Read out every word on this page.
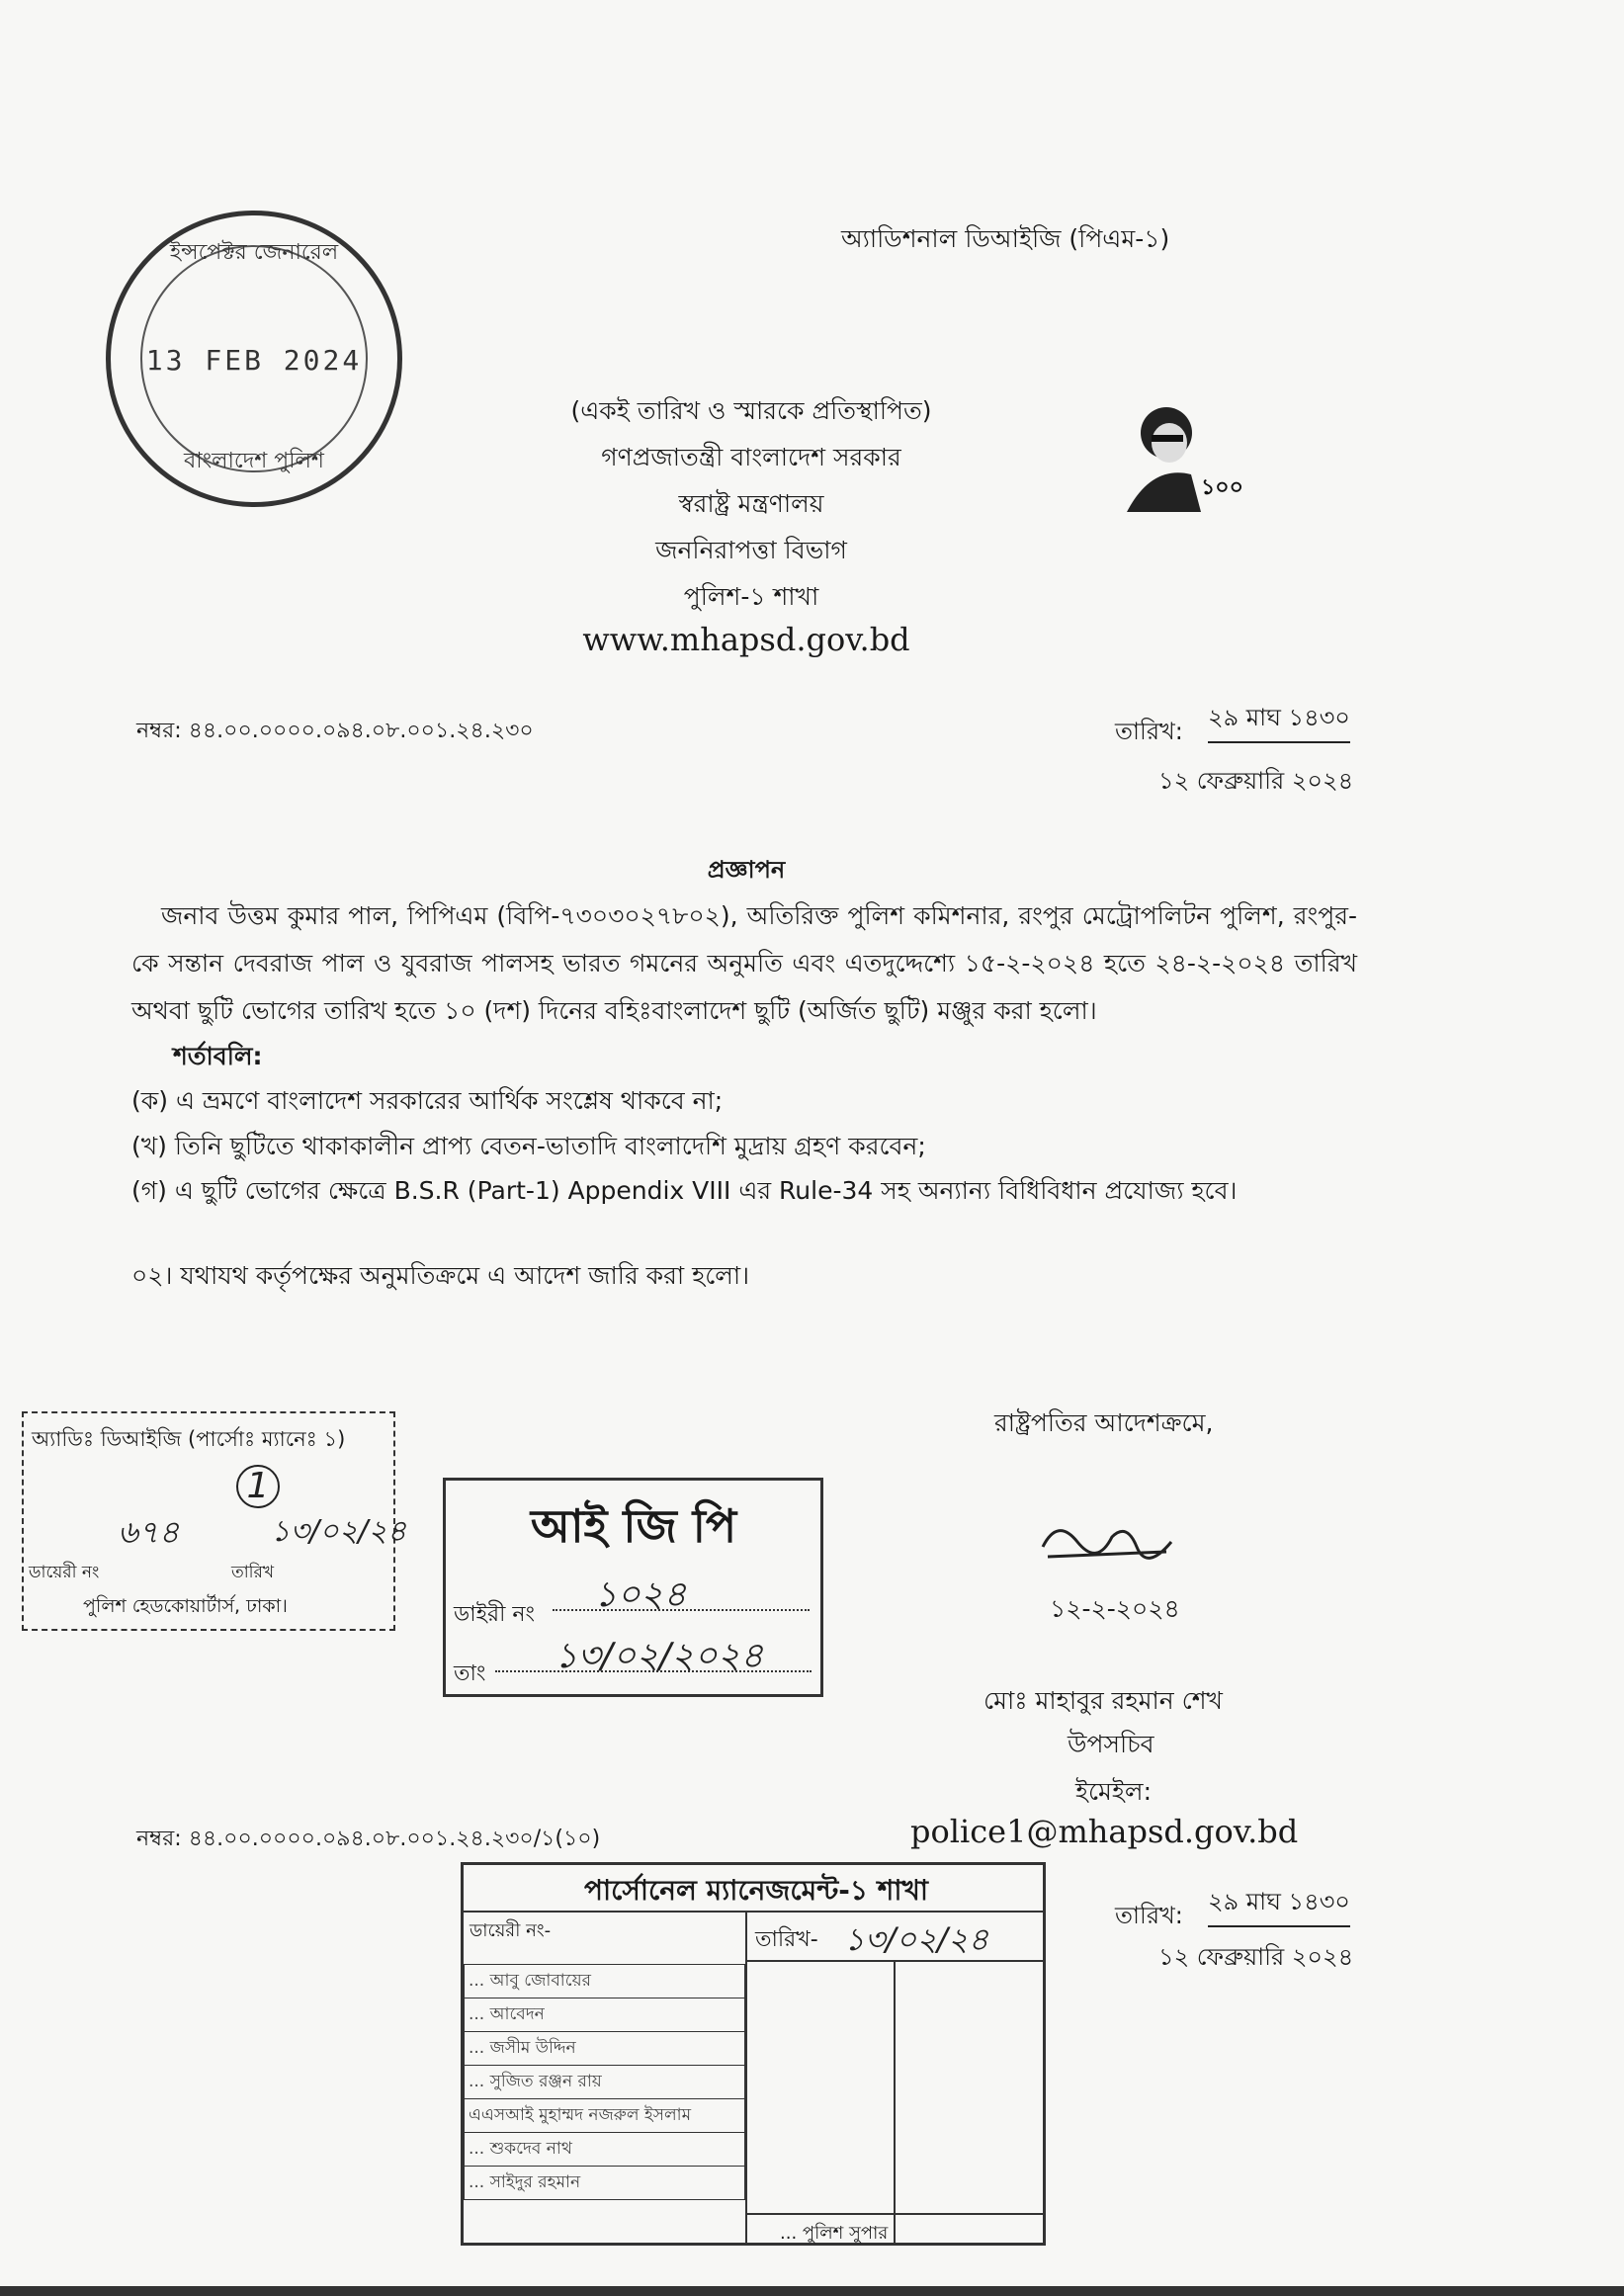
অ্যাডিশনাল ডিআইজি (পিএম-১)
ইন্সপেক্টর জেনারেল
13 FEB 2024
বাংলাদেশ পুলিশ
(একই তারিখ ও স্মারকে প্রতিস্থাপিত)
গণপ্রজাতন্ত্রী বাংলাদেশ সরকার
স্বরাষ্ট্র মন্ত্রণালয়
জননিরাপত্তা বিভাগ
পুলিশ-১ শাখা
www.mhapsd.gov.bd
১০০
নম্বর: ৪৪.০০.০০০০.০৯৪.০৮.০০১.২৪.২৩০	তারিখ: ২৯ মাঘ ১৪৩০
১২ ফেব্রুয়ারি ২০২৪
প্রজ্ঞাপন
জনাব উত্তম কুমার পাল, পিপিএম (বিপি-৭৩০৩০২৭৮০২), অতিরিক্ত পুলিশ কমিশনার, রংপুর মেট্রোপলিটন পুলিশ, রংপুর-কে সন্তান দেবরাজ পাল ও যুবরাজ পালসহ ভারত গমনের অনুমতি এবং এতদুদ্দেশ্যে ১৫-২-২০২৪ হতে ২৪-২-২০২৪ তারিখ অথবা ছুটি ভোগের তারিখ হতে ১০ (দশ) দিনের বহিঃবাংলাদেশ ছুটি (অর্জিত ছুটি) মঞ্জুর করা হলো।
শর্তাবলি:
(ক) এ ভ্রমণে বাংলাদেশ সরকারের আর্থিক সংশ্লেষ থাকবে না;
(খ) তিনি ছুটিতে থাকাকালীন প্রাপ্য বেতন-ভাতাদি বাংলাদেশি মুদ্রায় গ্রহণ করবেন;
(গ) এ ছুটি ভোগের ক্ষেত্রে B.S.R (Part-1) Appendix VIII এর Rule-34 সহ অন্যান্য বিধিবিধান প্রযোজ্য হবে।
০২। যথাযথ কর্তৃপক্ষের অনুমতিক্রমে এ আদেশ জারি করা হলো।
রাষ্ট্রপতির আদেশক্রমে,
১২-২-২০২৪
মোঃ মাহাবুর রহমান শেখ
উপসচিব
ইমেইল:
police1@mhapsd.gov.bd
অ্যাডিঃ ডিআইজি (পার্সোঃ ম্যানেঃ ১)
1
৬৭৪	১৩/০২/২৪
ডায়েরী নং	তারিখ
পুলিশ হেডকোয়ার্টার্স, ঢাকা।
আই জি পি
ডাইরী নং ১০২৪
তাং ১৩/০২/২০২৪
নম্বর: ৪৪.০০.০০০০.০৯৪.০৮.০০১.২৪.২৩০/১(১০)
তারিখ: ২৯ মাঘ ১৪৩০
১২ ফেব্রুয়ারি ২০২৪
পার্সোনেল ম্যানেজমেন্ট-১ শাখা
ডায়েরী নং-	তারিখ- ১৩/০২/২৪
... আবু জোবায়ের
... আবেদন
... জসীম উদ্দিন
... সুজিত রঞ্জন রায়
এএসআই মুহাম্মদ নজরুল ইসলাম
... শুকদেব নাথ
... সাইদুর রহমান
... পুলিশ সুপার
